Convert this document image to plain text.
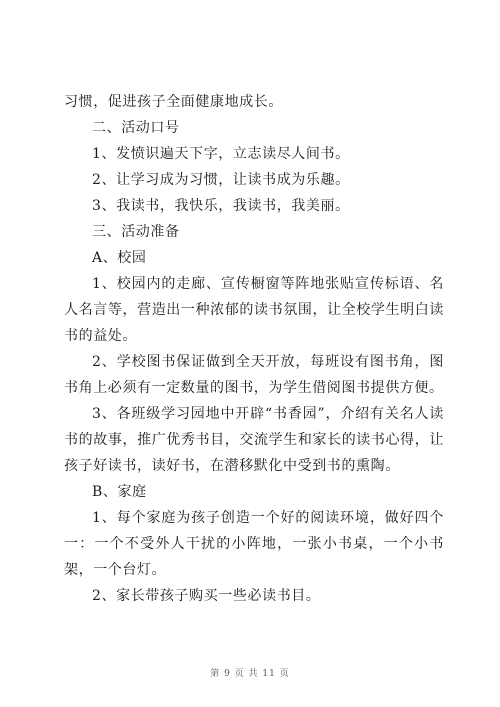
习惯，促进孩子全面健康地成长。

二、活动口号

1、发愤识遍天下字，立志读尽人间书。

2、让学习成为习惯，让读书成为乐趣。

3、我读书，我快乐，我读书，我美丽。

三、活动准备

A、校园

1、校园内的走廊、宣传橱窗等阵地张贴宣传标语、名人名言等，营造出一种浓郁的读书氛围，让全校学生明白读书的益处。

2、学校图书保证做到全天开放，每班设有图书角，图书角上必须有一定数量的图书，为学生借阅图书提供方便。

3、各班级学习园地中开辟“书香园”，介绍有关名人读书的故事，推广优秀书目，交流学生和家长的读书心得，让孩子好读书，读好书，在潜移默化中受到书的熏陶。

B、家庭

1、每个家庭为孩子创造一个好的阅读环境，做好四个一：一个不受外人干扰的小阵地，一张小书桌，一个小书架，一个台灯。

2、家长带孩子购买一些必读书目。

第 9 页 共 11 页
